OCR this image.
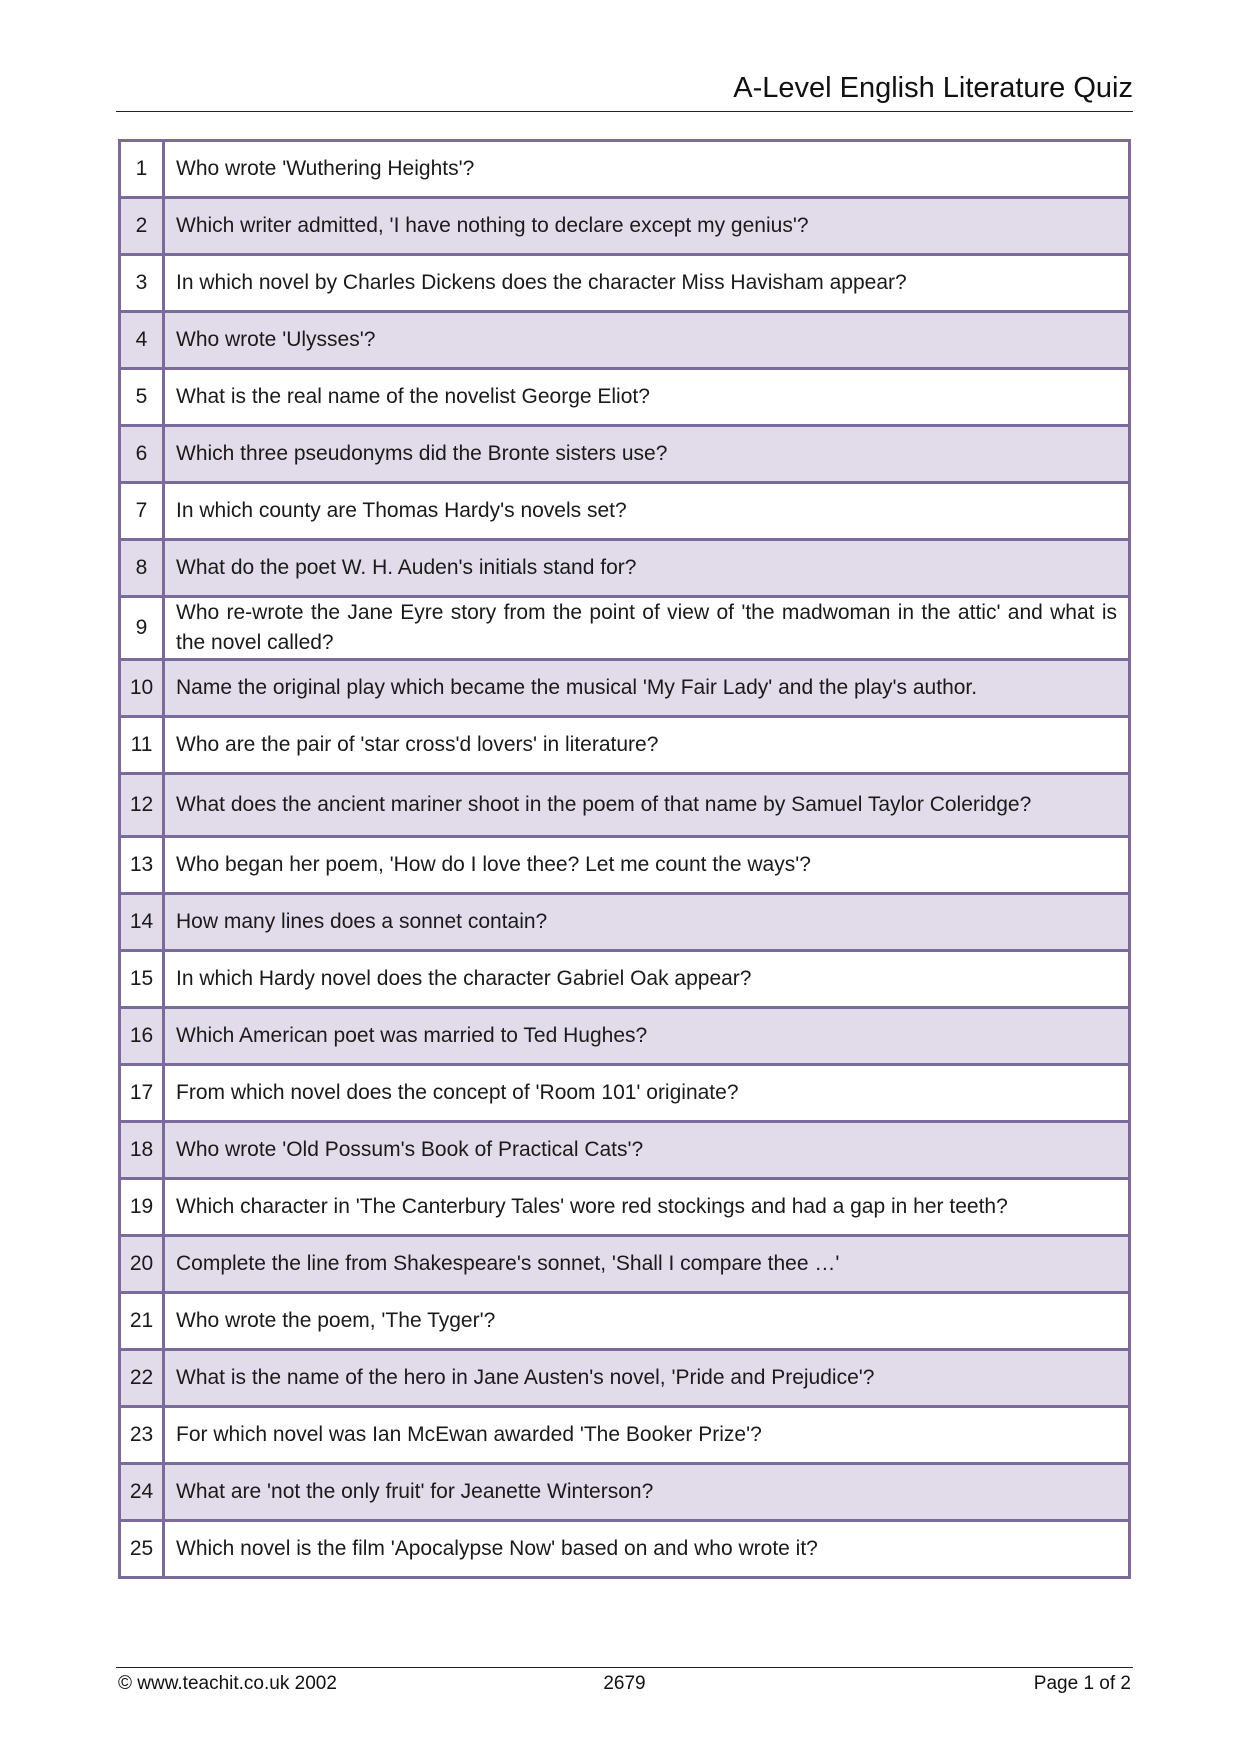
A-Level English Literature Quiz
1	Who wrote 'Wuthering Heights'?
2	Which writer admitted, 'I have nothing to declare except my genius'?
3	In which novel by Charles Dickens does the character Miss Havisham appear?
4	Who wrote 'Ulysses'?
5	What is the real name of the novelist George Eliot?
6	Which three pseudonyms did the Bronte sisters use?
7	In which county are Thomas Hardy's novels set?
8	What do the poet W. H. Auden's initials stand for?
9	Who re-wrote the Jane Eyre story from the point of view of 'the madwoman in the attic' and what is the novel called?
10	Name the original play which became the musical 'My Fair Lady' and the play's author.
11	Who are the pair of 'star cross'd lovers' in literature?
12	What does the ancient mariner shoot in the poem of that name by Samuel Taylor Coleridge?
13	Who began her poem, 'How do I love thee? Let me count the ways'?
14	How many lines does a sonnet contain?
15	In which Hardy novel does the character Gabriel Oak appear?
16	Which American poet was married to Ted Hughes?
17	From which novel does the concept of 'Room 101' originate?
18	Who wrote 'Old Possum's Book of Practical Cats'?
19	Which character in 'The Canterbury Tales' wore red stockings and had a gap in her teeth?
20	Complete the line from Shakespeare's sonnet, 'Shall I compare thee …'
21	Who wrote the poem, 'The Tyger'?
22	What is the name of the hero in Jane Austen's novel, 'Pride and Prejudice'?
23	For which novel was Ian McEwan awarded 'The Booker Prize'?
24	What are 'not the only fruit' for Jeanette Winterson?
25	Which novel is the film 'Apocalypse Now' based on and who wrote it?
© www.teachit.co.uk 2002	2679	Page 1 of 2
